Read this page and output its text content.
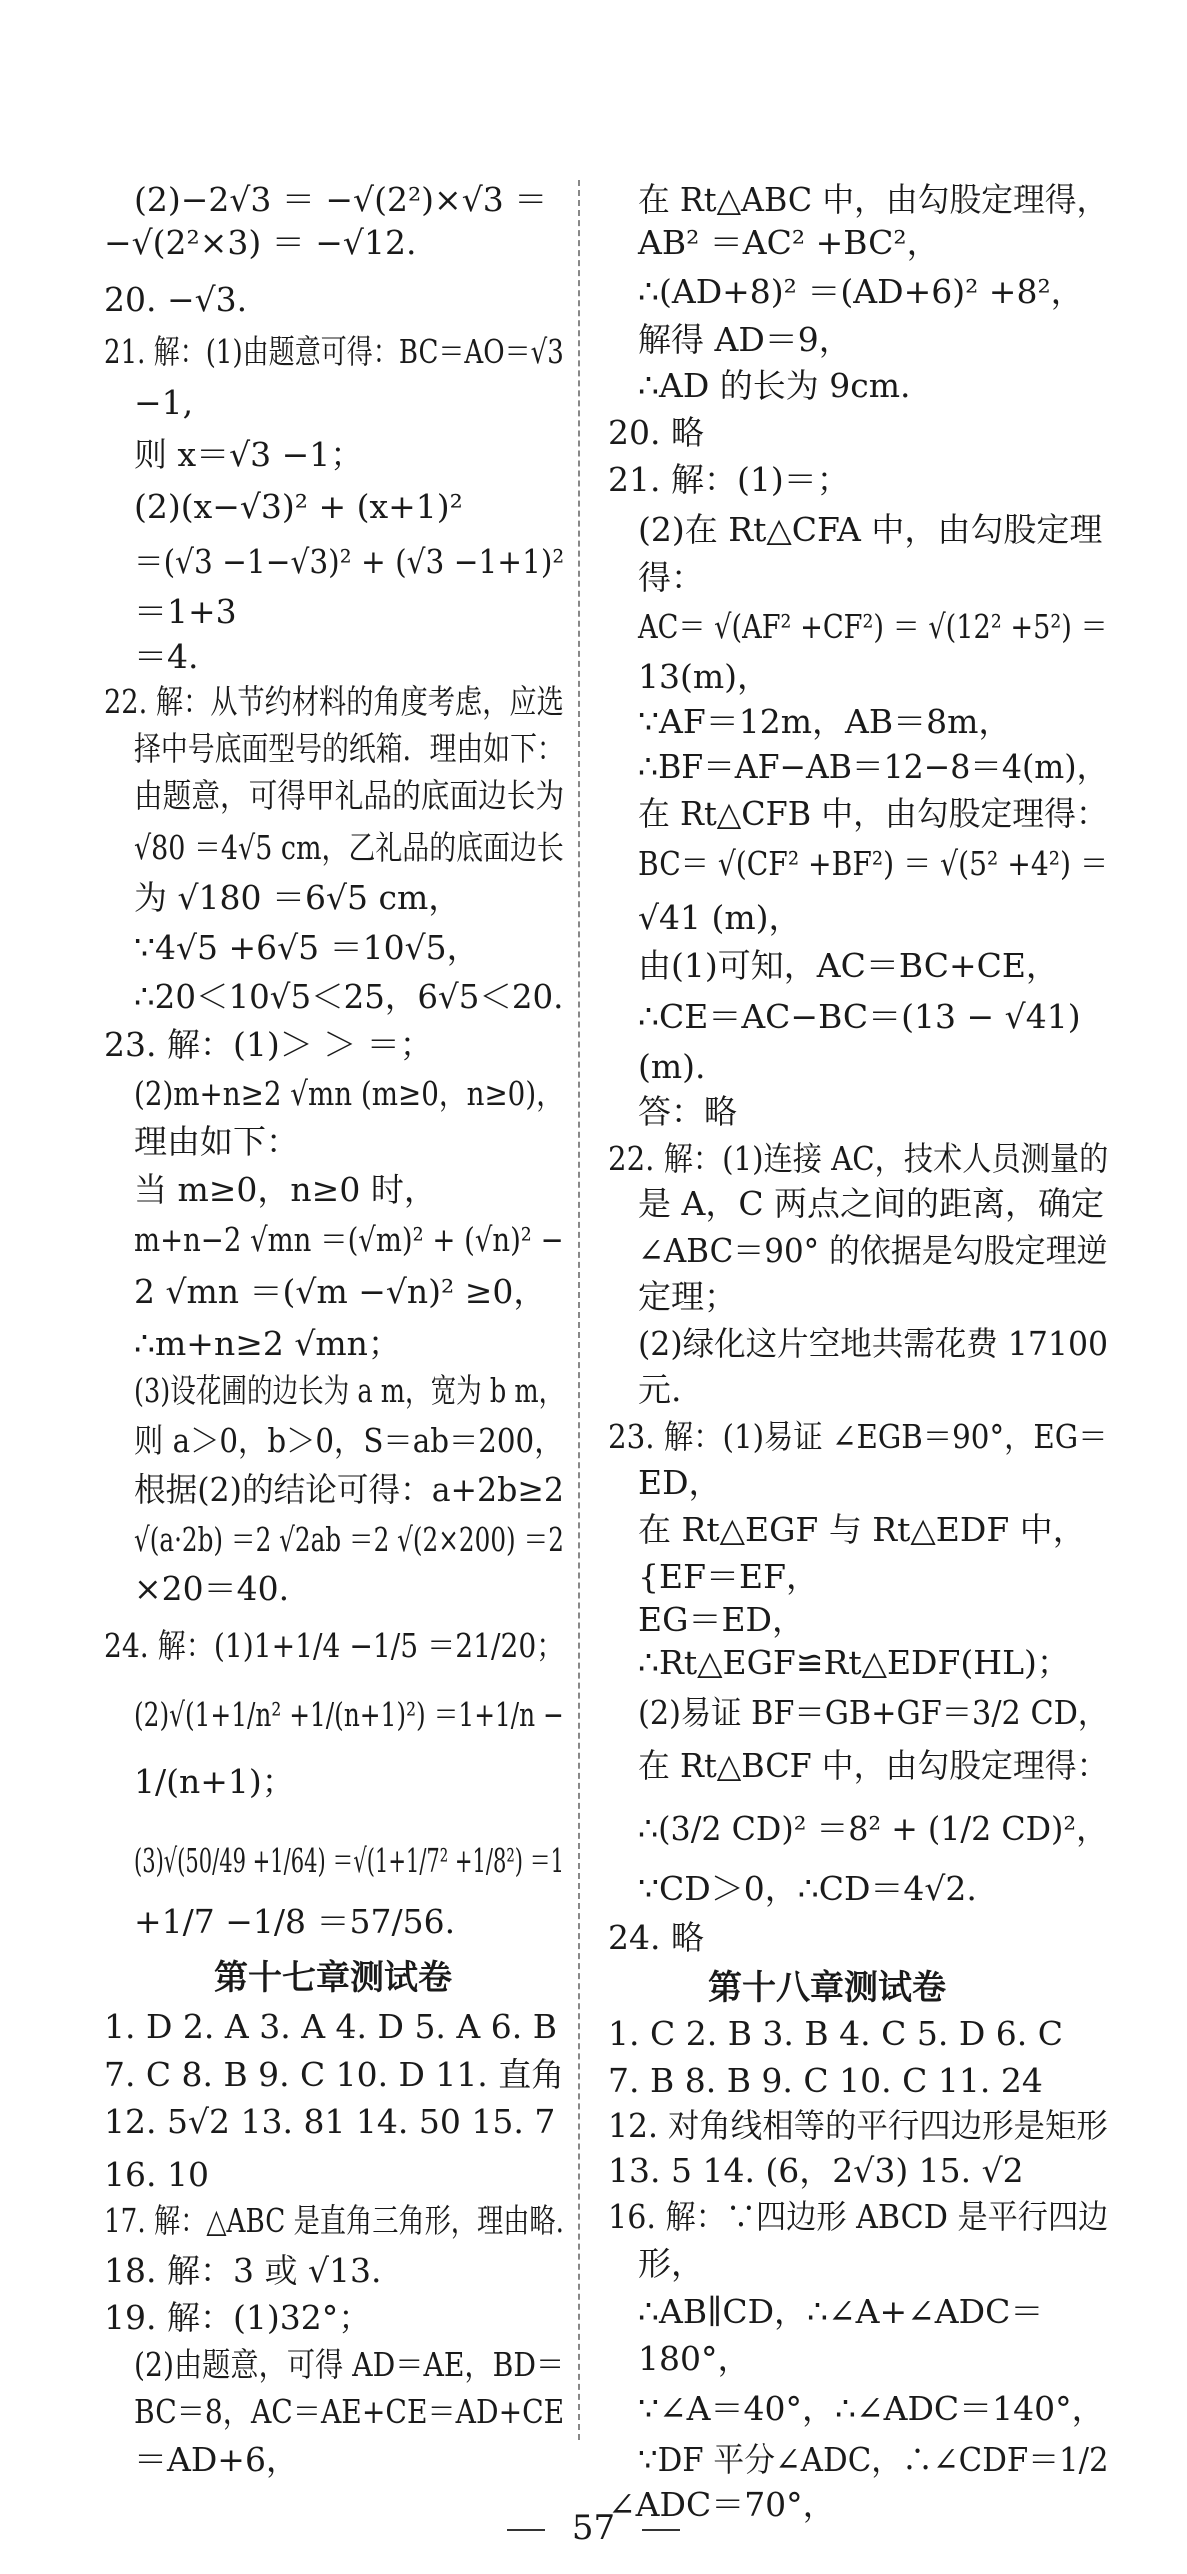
(2)−2√3 ＝ −√(2²)×√3 ＝
−√(2²×3) ＝ −√12.
20. −√3.
21. 解：(1)由题意可得：BC＝AO＝√3
−1,
则 x＝√3 −1；
(2)(x−√3)² + (x+1)²
＝(√3 −1−√3)² + (√3 −1+1)²
＝1+3
＝4.
22. 解：从节约材料的角度考虑，应选
择中号底面型号的纸箱．理由如下：
由题意，可得甲礼品的底面边长为
√80 ＝4√5 cm，乙礼品的底面边长
为 √180 ＝6√5 cm，
∵4√5 +6√5 ＝10√5，
∴20＜10√5＜25，6√5＜20.
23. 解：(1)＞ ＞ ＝；
(2)m+n≥2 √mn (m≥0，n≥0)，
理由如下：
当 m≥0，n≥0 时，
m+n−2 √mn ＝(√m)² + (√n)² −
2 √mn ＝(√m −√n)² ≥0，
∴m+n≥2 √mn；
(3)设花圃的边长为 a m，宽为 b m，
则 a＞0，b＞0，S＝ab＝200，
根据(2)的结论可得：a+2b≥2
√(a·2b) ＝2 √2ab ＝2 √(2×200) ＝2
×20＝40.
24. 解：(1)1+1/4 −1/5 ＝21/20；
(2)√(1+1/n² +1/(n+1)²) ＝1+1/n −
1/(n+1)；
(3)√(50/49 +1/64) ＝√(1+1/7² +1/8²) ＝1
+1/7 −1/8 ＝57/56.
第十七章测试卷
1. D 2. A 3. A 4. D 5. A 6. B
7. C 8. B 9. C 10. D 11. 直角
12. 5√2 13. 81 14. 50 15. 7
16. 10
17. 解：△ABC 是直角三角形，理由略.
18. 解：3 或 √13.
19. 解：(1)32°；
(2)由题意，可得 AD＝AE，BD＝
BC＝8，AC＝AE+CE＝AD+CE
＝AD+6，
在 Rt△ABC 中，由勾股定理得，
AB² ＝AC² +BC²，
∴(AD+8)² ＝(AD+6)² +8²，
解得 AD＝9，
∴AD 的长为 9cm.
20. 略
21. 解：(1)＝；
(2)在 Rt△CFA 中，由勾股定理
得：
AC＝ √(AF² +CF²) ＝ √(12² +5²) ＝
13(m)，
∵AF＝12m，AB＝8m，
∴BF＝AF−AB＝12−8＝4(m)，
在 Rt△CFB 中，由勾股定理得：
BC＝ √(CF² +BF²) ＝ √(5² +4²) ＝
√41 (m)，
由(1)可知，AC＝BC+CE，
∴CE＝AC−BC＝(13 − √41)
(m).
答：略
22. 解：(1)连接 AC，技术人员测量的
是 A，C 两点之间的距离，确定
∠ABC＝90° 的依据是勾股定理逆
定理；
(2)绿化这片空地共需花费 17100
元.
23. 解：(1)易证 ∠EGB＝90°，EG＝
ED，
在 Rt△EGF 与 Rt△EDF 中，
{EF＝EF，
EG＝ED，
∴Rt△EGF≌Rt△EDF(HL)；
(2)易证 BF＝GB+GF＝3/2 CD，
在 Rt△BCF 中，由勾股定理得：
∴(3/2 CD)² ＝8² + (1/2 CD)²，
∵CD＞0，∴CD＝4√2.
24. 略
第十八章测试卷
1. C 2. B 3. B 4. C 5. D 6. C
7. B 8. B 9. C 10. C 11. 24
12. 对角线相等的平行四边形是矩形
13. 5 14. (6，2√3) 15. √2
16. 解：∵四边形 ABCD 是平行四边
形，
∴AB∥CD，∴∠A+∠ADC＝
180°，
∵∠A＝40°，∴∠ADC＝140°，
∵DF 平分∠ADC，∴∠CDF＝1/2
∠ADC＝70°，
57
